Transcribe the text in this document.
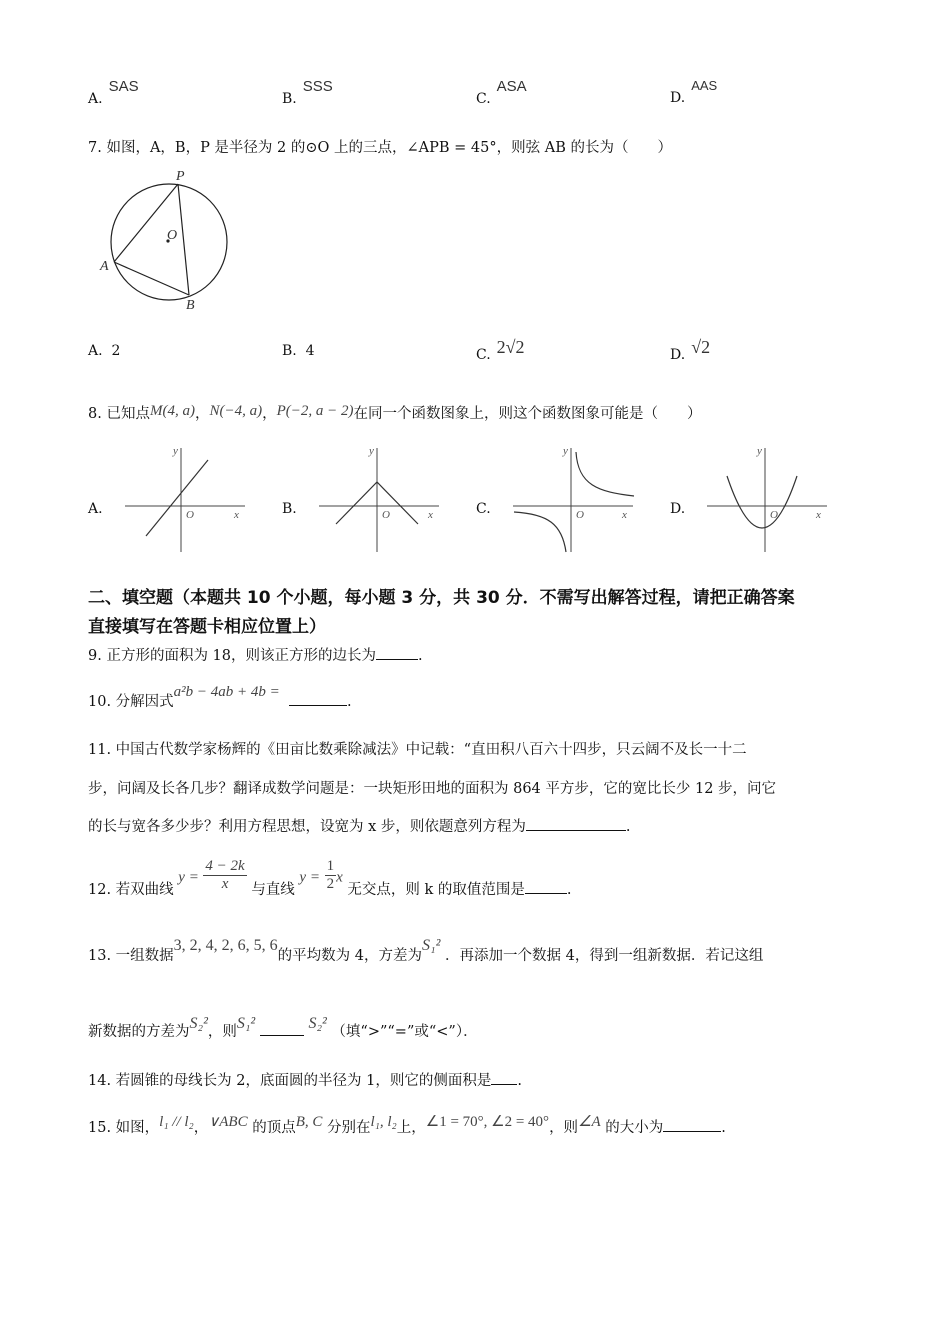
A.SAS
B.SSS
C.ASA
D.AAS
7. 如图，A，B，P 是半径为 2 的⊙O 上的三点，∠APB = 45°，则弦 AB 的长为（　　）
P
O
A
B
A. 2	B. 4	C. 2√2	D. √2
8. 已知点M(4, a)，N(−4, a)，P(−2, a − 2)在同一个函数图象上，则这个函数图象可能是（　　）
A.	B.	C.	D.
y
x
O
y
x
O
y
x
O
y
x
O
二、填空题（本题共 10 个小题，每小题 3 分，共 30 分．不需写出解答过程，请把正确答案
直接填写在答题卡相应位置上）
9. 正方形的面积为 18，则该正方形的边长为	.
10. 分解因式a²b − 4ab + 4b =  .
11. 中国古代数学家杨辉的《田亩比数乘除减法》中记载：“直田积八百六十四步，只云阔不及长一十二
步，问阔及长各几步？翻译成数学问题是：一块矩形田地的面积为 864 平方步，它的宽比长少 12 步，问它
的长与宽各多少步？利用方程思想，设宽为 x 步，则依题意列方程为	.
12. 若双曲线 $y = \frac{4 - 2k}{x}$ 与直线 $y = \frac{1}{2}$ x 无交点，则 k 的取值范围是	.
13. 一组数据3, 2, 4, 2, 6, 5, 6的平均数为 4，方差为S₁² ．再添加一个数据 4，得到一组新数据．若记这组
新数据的方差为S₂²，则S₁²	S₂² （填“>”“=”或“<”）．
14. 若圆锥的母线长为 2，底面圆的半径为 1，则它的侧面积是 .
15. 如图，l₁ // l₂，∨ABC 的顶点B, C 分别在l₁, l₂上，∠1 = 70°, ∠2 = 40°，则∠A 的大小为	.
